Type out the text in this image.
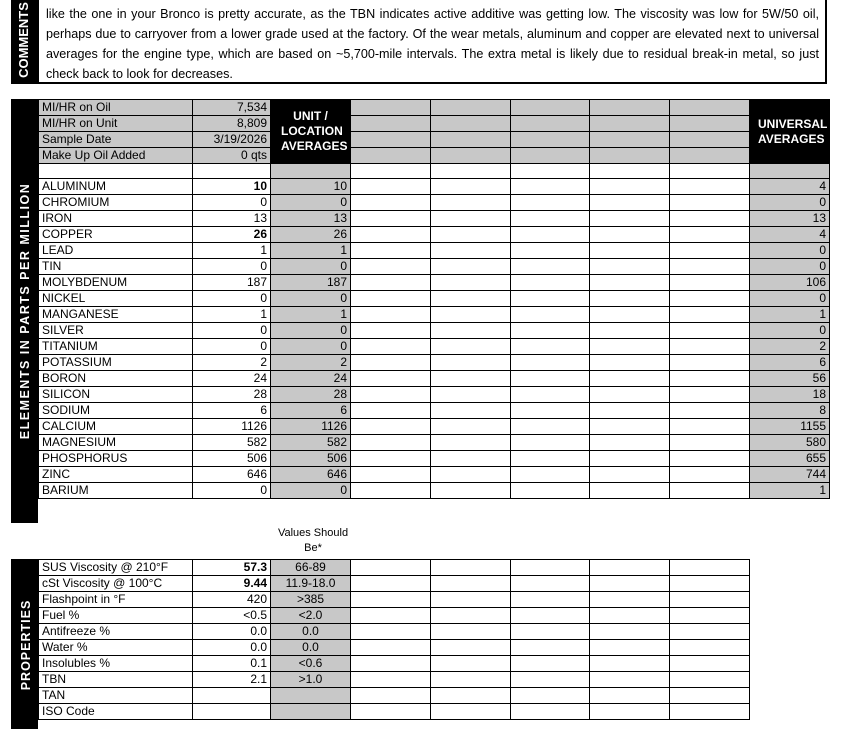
COMMENTS like the one in your Bronco is pretty accurate, as the TBN indicates active additive was getting low. The viscosity was low for 5W/50 oil, perhaps due to carryover from a lower grade used at the factory. Of the wear metals, aluminum and copper are elevated next to universal averages for the engine type, which are based on ~5,700-mile intervals. The extra metal is likely due to residual break-in metal, so just check back to look for decreases.
ELEMENTS IN PARTS PER MILLION
MI/HR on Oil	7,534	UNIT / LOCATION AVERAGES						UNIVERSAL AVERAGES
MI/HR on Unit	8,809							
Sample Date	3/19/2026							
Make Up Oil Added	0 qts							

ALUMINUM	10	10						4
CHROMIUM	0	0						0
IRON	13	13						13
COPPER	26	26						4
LEAD	1	1						0
TIN	0	0						0
MOLYBDENUM	187	187						106
NICKEL	0	0						0
MANGANESE	1	1						1
SILVER	0	0						0
TITANIUM	0	0						2
POTASSIUM	2	2						6
BORON	24	24						56
SILICON	28	28						18
SODIUM	6	6						8
CALCIUM	1126	1126						1155
MAGNESIUM	582	582						580
PHOSPHORUS	506	506						655
ZINC	646	646						744
BARIUM	0	0						1
Values Should Be*
PROPERTIES
SUS Viscosity @ 210°F	57.3	66-89					
cSt Viscosity @ 100°C	9.44	11.9-18.0					
Flashpoint in °F	420	>385					
Fuel %	<0.5	<2.0					
Antifreeze %	0.0	0.0					
Water %	0.0	0.0					
Insolubles %	0.1	<0.6					
TBN	2.1	>1.0					
TAN							
ISO Code							
